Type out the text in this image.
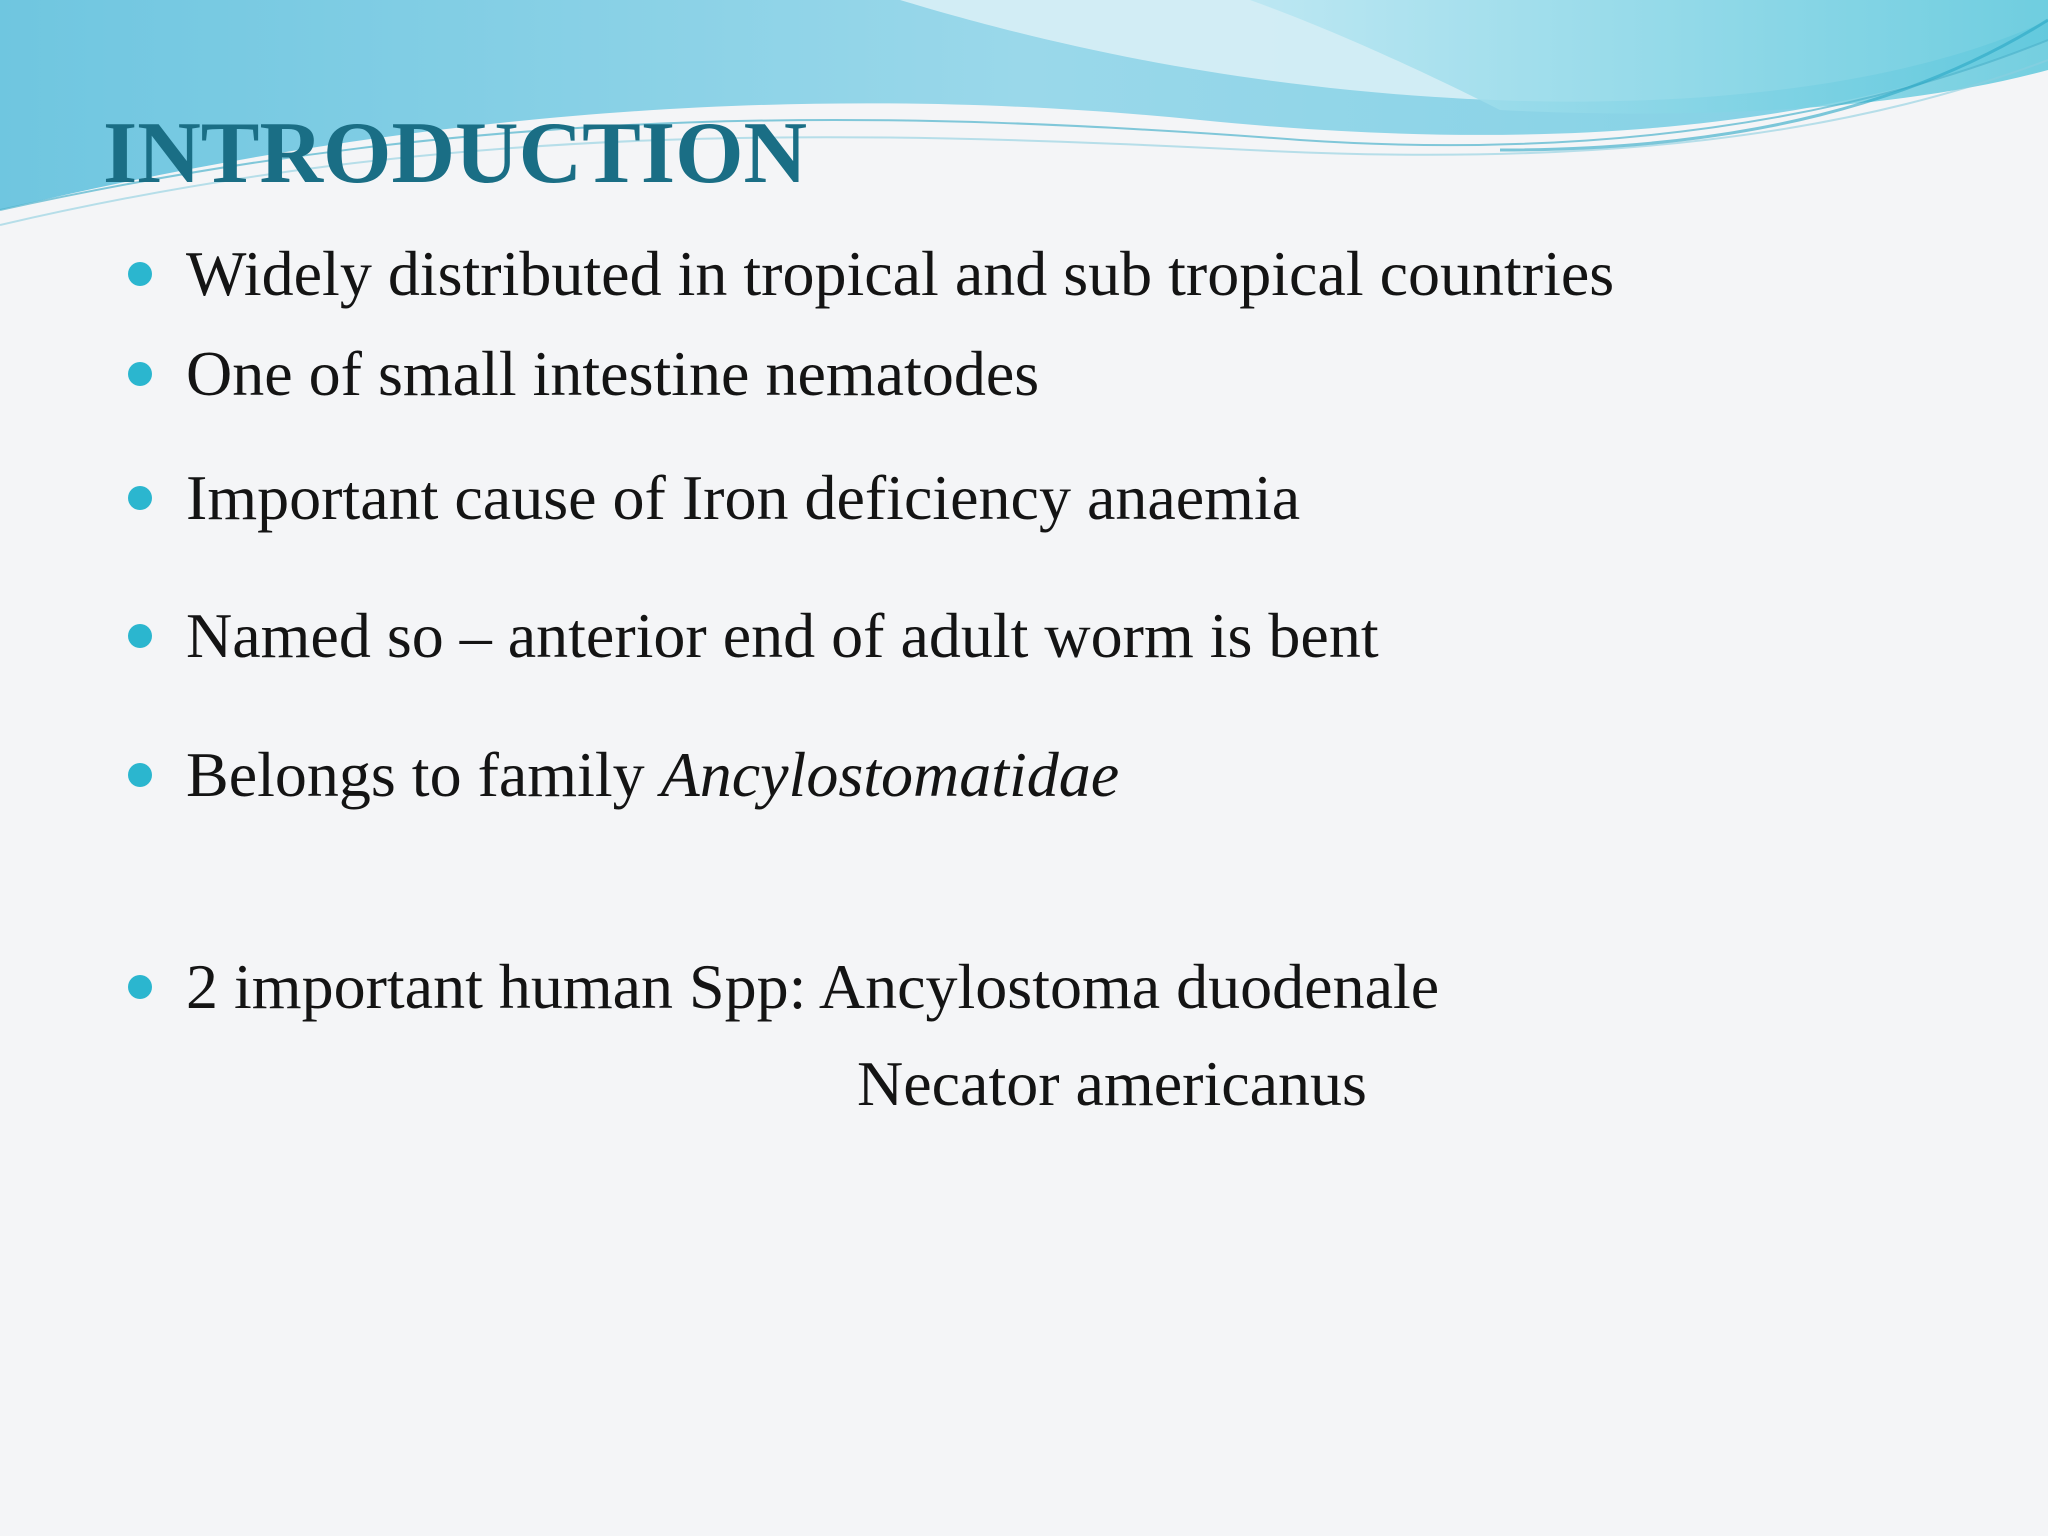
INTRODUCTION
Widely distributed in tropical and sub tropical countries
One of small intestine nematodes
Important cause of Iron deficiency anaemia
Named so – anterior end of adult worm is bent
Belongs to family Ancylostomatidae
2 important human Spp: Ancylostoma duodenale
Necator americanus
